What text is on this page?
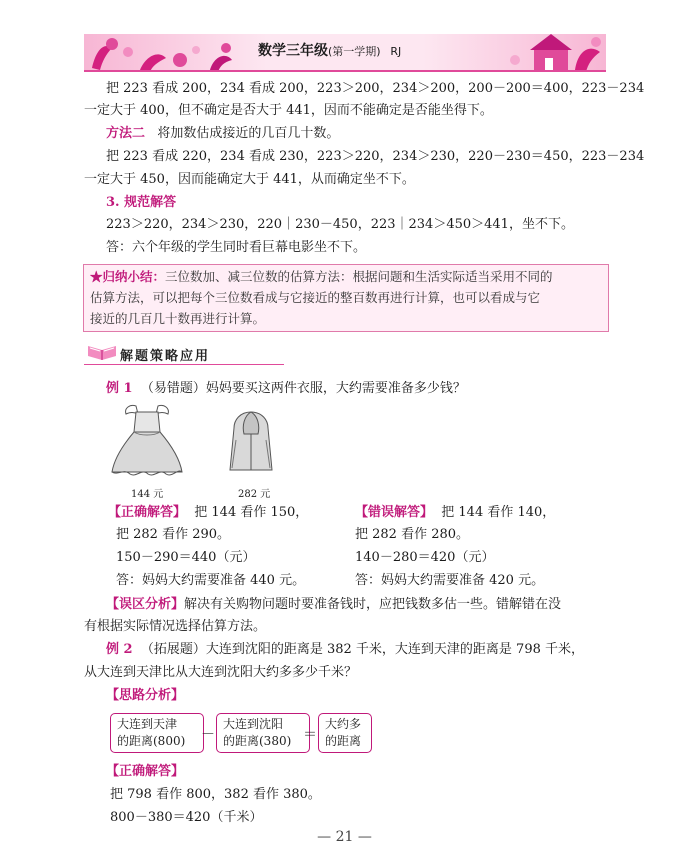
数学三年级(第一学期) RJ
把 223 看成 200，234 看成 200，223＞200，234＞200，200－200＝400，223－234
一定大于 400，但不确定是否大于 441，因而不能确定是否能坐得下。
方法二 将加数估成接近的几百几十数。
把 223 看成 220，234 看成 230，223＞220，234＞230，220－230＝450，223－234
一定大于 450，因而能确定大于 441，从而确定坐不下。
3. 规范解答
223＞220，234＞230，220｜230－450，223｜234＞450＞441，坐不下。
答：六个年级的学生同时看巨幕电影坐不下。
★归纳小结：三位数加、减三位数的估算方法：根据问题和生活实际适当采用不同的
估算方法，可以把每个三位数看成与它接近的整百数再进行计算，也可以看成与它
接近的几百几十数再进行计算。
解题策略应用
例 1 （易错题）妈妈要买这两件衣服，大约需要准备多少钱？
144 元	282 元
【正确解答】 把 144 看作 150，
把 282 看作 290。
150－290＝440（元）
答：妈妈大约需要准备 440 元。
【错误解答】 把 144 看作 140，
把 282 看作 280。
140－280＝420（元）
答：妈妈大约需要准备 420 元。
【误区分析】解决有关购物问题时要准备钱时，应把钱数多估一些。错解错在没
有根据实际情况选择估算方法。
例 2 （拓展题）大连到沈阳的距离是 382 千米，大连到天津的距离是 798 千米，
从大连到天津比从大连到沈阳大约多多少千米？
【思路分析】
大连到天津
的距离(800)	－
大连到沈阳
的距离(380) ＝
大约多
的距离
【正确解答】
把 798 看作 800，382 看作 380。
800－380＝420（千米）
— 21 —
